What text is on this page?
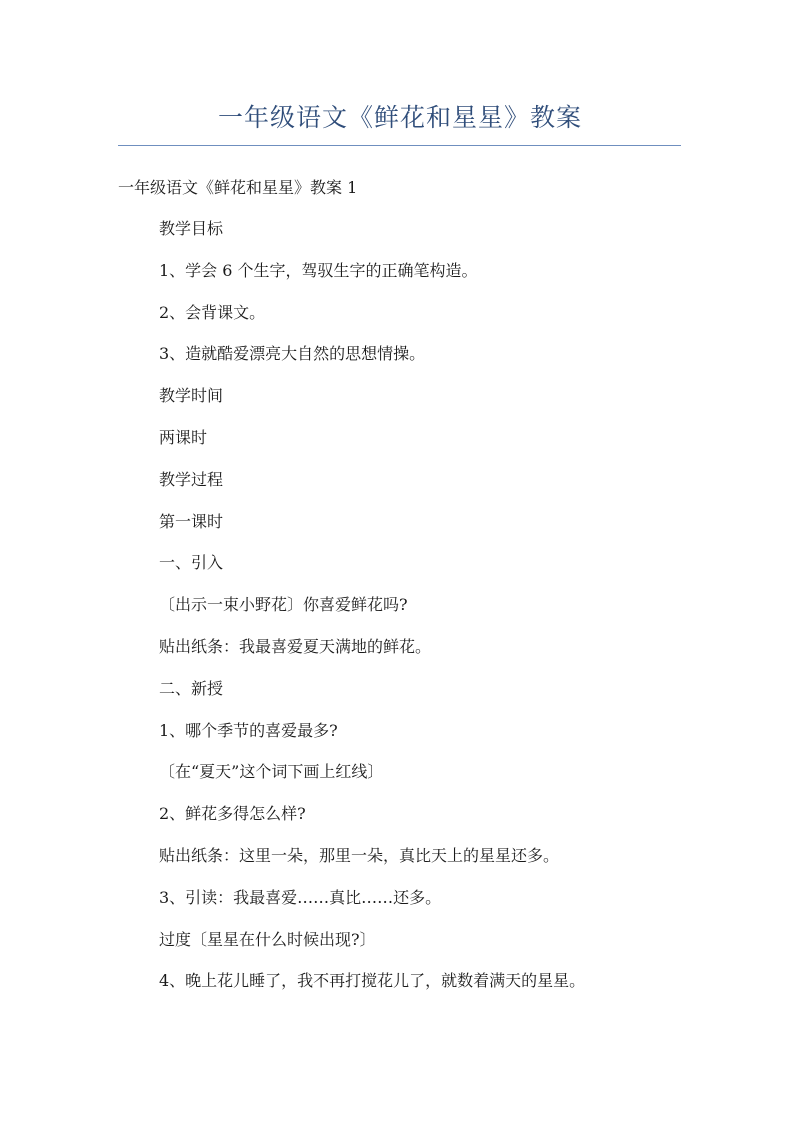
一年级语文《鲜花和星星》教案
一年级语文《鲜花和星星》教案 1
教学目标
1、学会 6 个生字，驾驭生字的正确笔构造。
2、会背课文。
3、造就酷爱漂亮大自然的思想情操。
教学时间
两课时
教学过程
第一课时
一、引入
〔出示一束小野花〕你喜爱鲜花吗?
贴出纸条：我最喜爱夏天满地的鲜花。
二、新授
1、哪个季节的喜爱最多?
〔在“夏天”这个词下画上红线〕
2、鲜花多得怎么样?
贴出纸条：这里一朵，那里一朵，真比天上的星星还多。
3、引读：我最喜爱……真比……还多。
过度〔星星在什么时候出现?〕
4、晚上花儿睡了，我不再打搅花儿了，就数着满天的星星。
